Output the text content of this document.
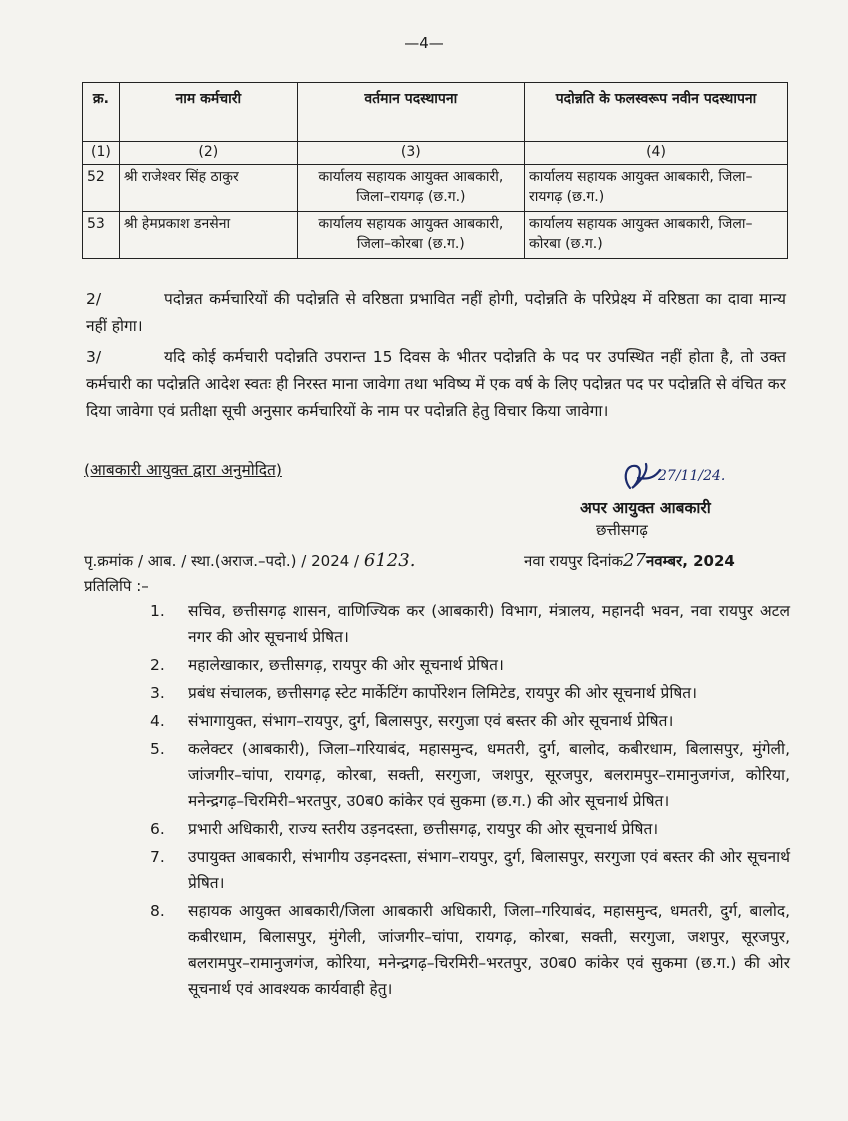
—4—
क्र.	नाम कर्मचारी	वर्तमान पदस्थापना	पदोन्नति के फलस्वरूप नवीन पदस्थापना
(1)	(2)	(3)	(4)
52	श्री राजेश्वर सिंह ठाकुर	कार्यालय सहायक आयुक्त आबकारी, जिला–रायगढ़ (छ.ग.)	कार्यालय सहायक आयुक्त आबकारी, जिला–रायगढ़ (छ.ग.)
53	श्री हेमप्रकाश डनसेना	कार्यालय सहायक आयुक्त आबकारी, जिला–कोरबा (छ.ग.)	कार्यालय सहायक आयुक्त आबकारी, जिला–कोरबा (छ.ग.)
2/	पदोन्नत कर्मचारियों की पदोन्नति से वरिष्ठता प्रभावित नहीं होगी, पदोन्नति के परिप्रेक्ष्य में वरिष्ठता का दावा मान्य नहीं होगा।
3/	यदि कोई कर्मचारी पदोन्नति उपरान्त 15 दिवस के भीतर पदोन्नति के पद पर उपस्थित नहीं होता है, तो उक्त कर्मचारी का पदोन्नति आदेश स्वतः ही निरस्त माना जावेगा तथा भविष्य में एक वर्ष के लिए पदोन्नत पद पर पदोन्नति से वंचित कर दिया जावेगा एवं प्रतीक्षा सूची अनुसार कर्मचारियों के नाम पर पदोन्नति हेतु विचार किया जावेगा।
(आबकारी आयुक्त द्वारा अनुमोदित)	27/11/24.
अपर आयुक्त आबकारी
छत्तीसगढ़
पृ.क्रमांक / आब. / स्था.(अराज.–पदो.) / 2024 / 6123.	नवा रायपुर दिनांक27नवम्बर, 2024
प्रतिलिपि :–
1. सचिव, छत्तीसगढ़ शासन, वाणिज्यिक कर (आबकारी) विभाग, मंत्रालय, महानदी भवन, नवा रायपुर अटल नगर की ओर सूचनार्थ प्रेषित।
2. महालेखाकार, छत्तीसगढ़, रायपुर की ओर सूचनार्थ प्रेषित।
3. प्रबंध संचालक, छत्तीसगढ़ स्टेट मार्केटिंग कार्पोरेशन लिमिटेड, रायपुर की ओर सूचनार्थ प्रेषित।
4. संभागायुक्त, संभाग–रायपुर, दुर्ग, बिलासपुर, सरगुजा एवं बस्तर की ओर सूचनार्थ प्रेषित।
5. कलेक्टर (आबकारी), जिला–गरियाबंद, महासमुन्द, धमतरी, दुर्ग, बालोद, कबीरधाम, बिलासपुर, मुंगेली, जांजगीर–चांपा, रायगढ़, कोरबा, सक्ती, सरगुजा, जशपुर, सूरजपुर, बलरामपुर–रामानुजगंज, कोरिया, मनेन्द्रगढ़–चिरमिरी–भरतपुर, उ0ब0 कांकेर एवं सुकमा (छ.ग.) की ओर सूचनार्थ प्रेषित।
6. प्रभारी अधिकारी, राज्य स्तरीय उड़नदस्ता, छत्तीसगढ़, रायपुर की ओर सूचनार्थ प्रेषित।
7. उपायुक्त आबकारी, संभागीय उड़नदस्ता, संभाग–रायपुर, दुर्ग, बिलासपुर, सरगुजा एवं बस्तर की ओर सूचनार्थ प्रेषित।
8. सहायक आयुक्त आबकारी/जिला आबकारी अधिकारी, जिला–गरियाबंद, महासमुन्द, धमतरी, दुर्ग, बालोद, कबीरधाम, बिलासपुर, मुंगेली, जांजगीर–चांपा, रायगढ़, कोरबा, सक्ती, सरगुजा, जशपुर, सूरजपुर, बलरामपुर–रामानुजगंज, कोरिया, मनेन्द्रगढ़–चिरमिरी–भरतपुर, उ0ब0 कांकेर एवं सुकमा (छ.ग.) की ओर सूचनार्थ एवं आवश्यक कार्यवाही हेतु।
